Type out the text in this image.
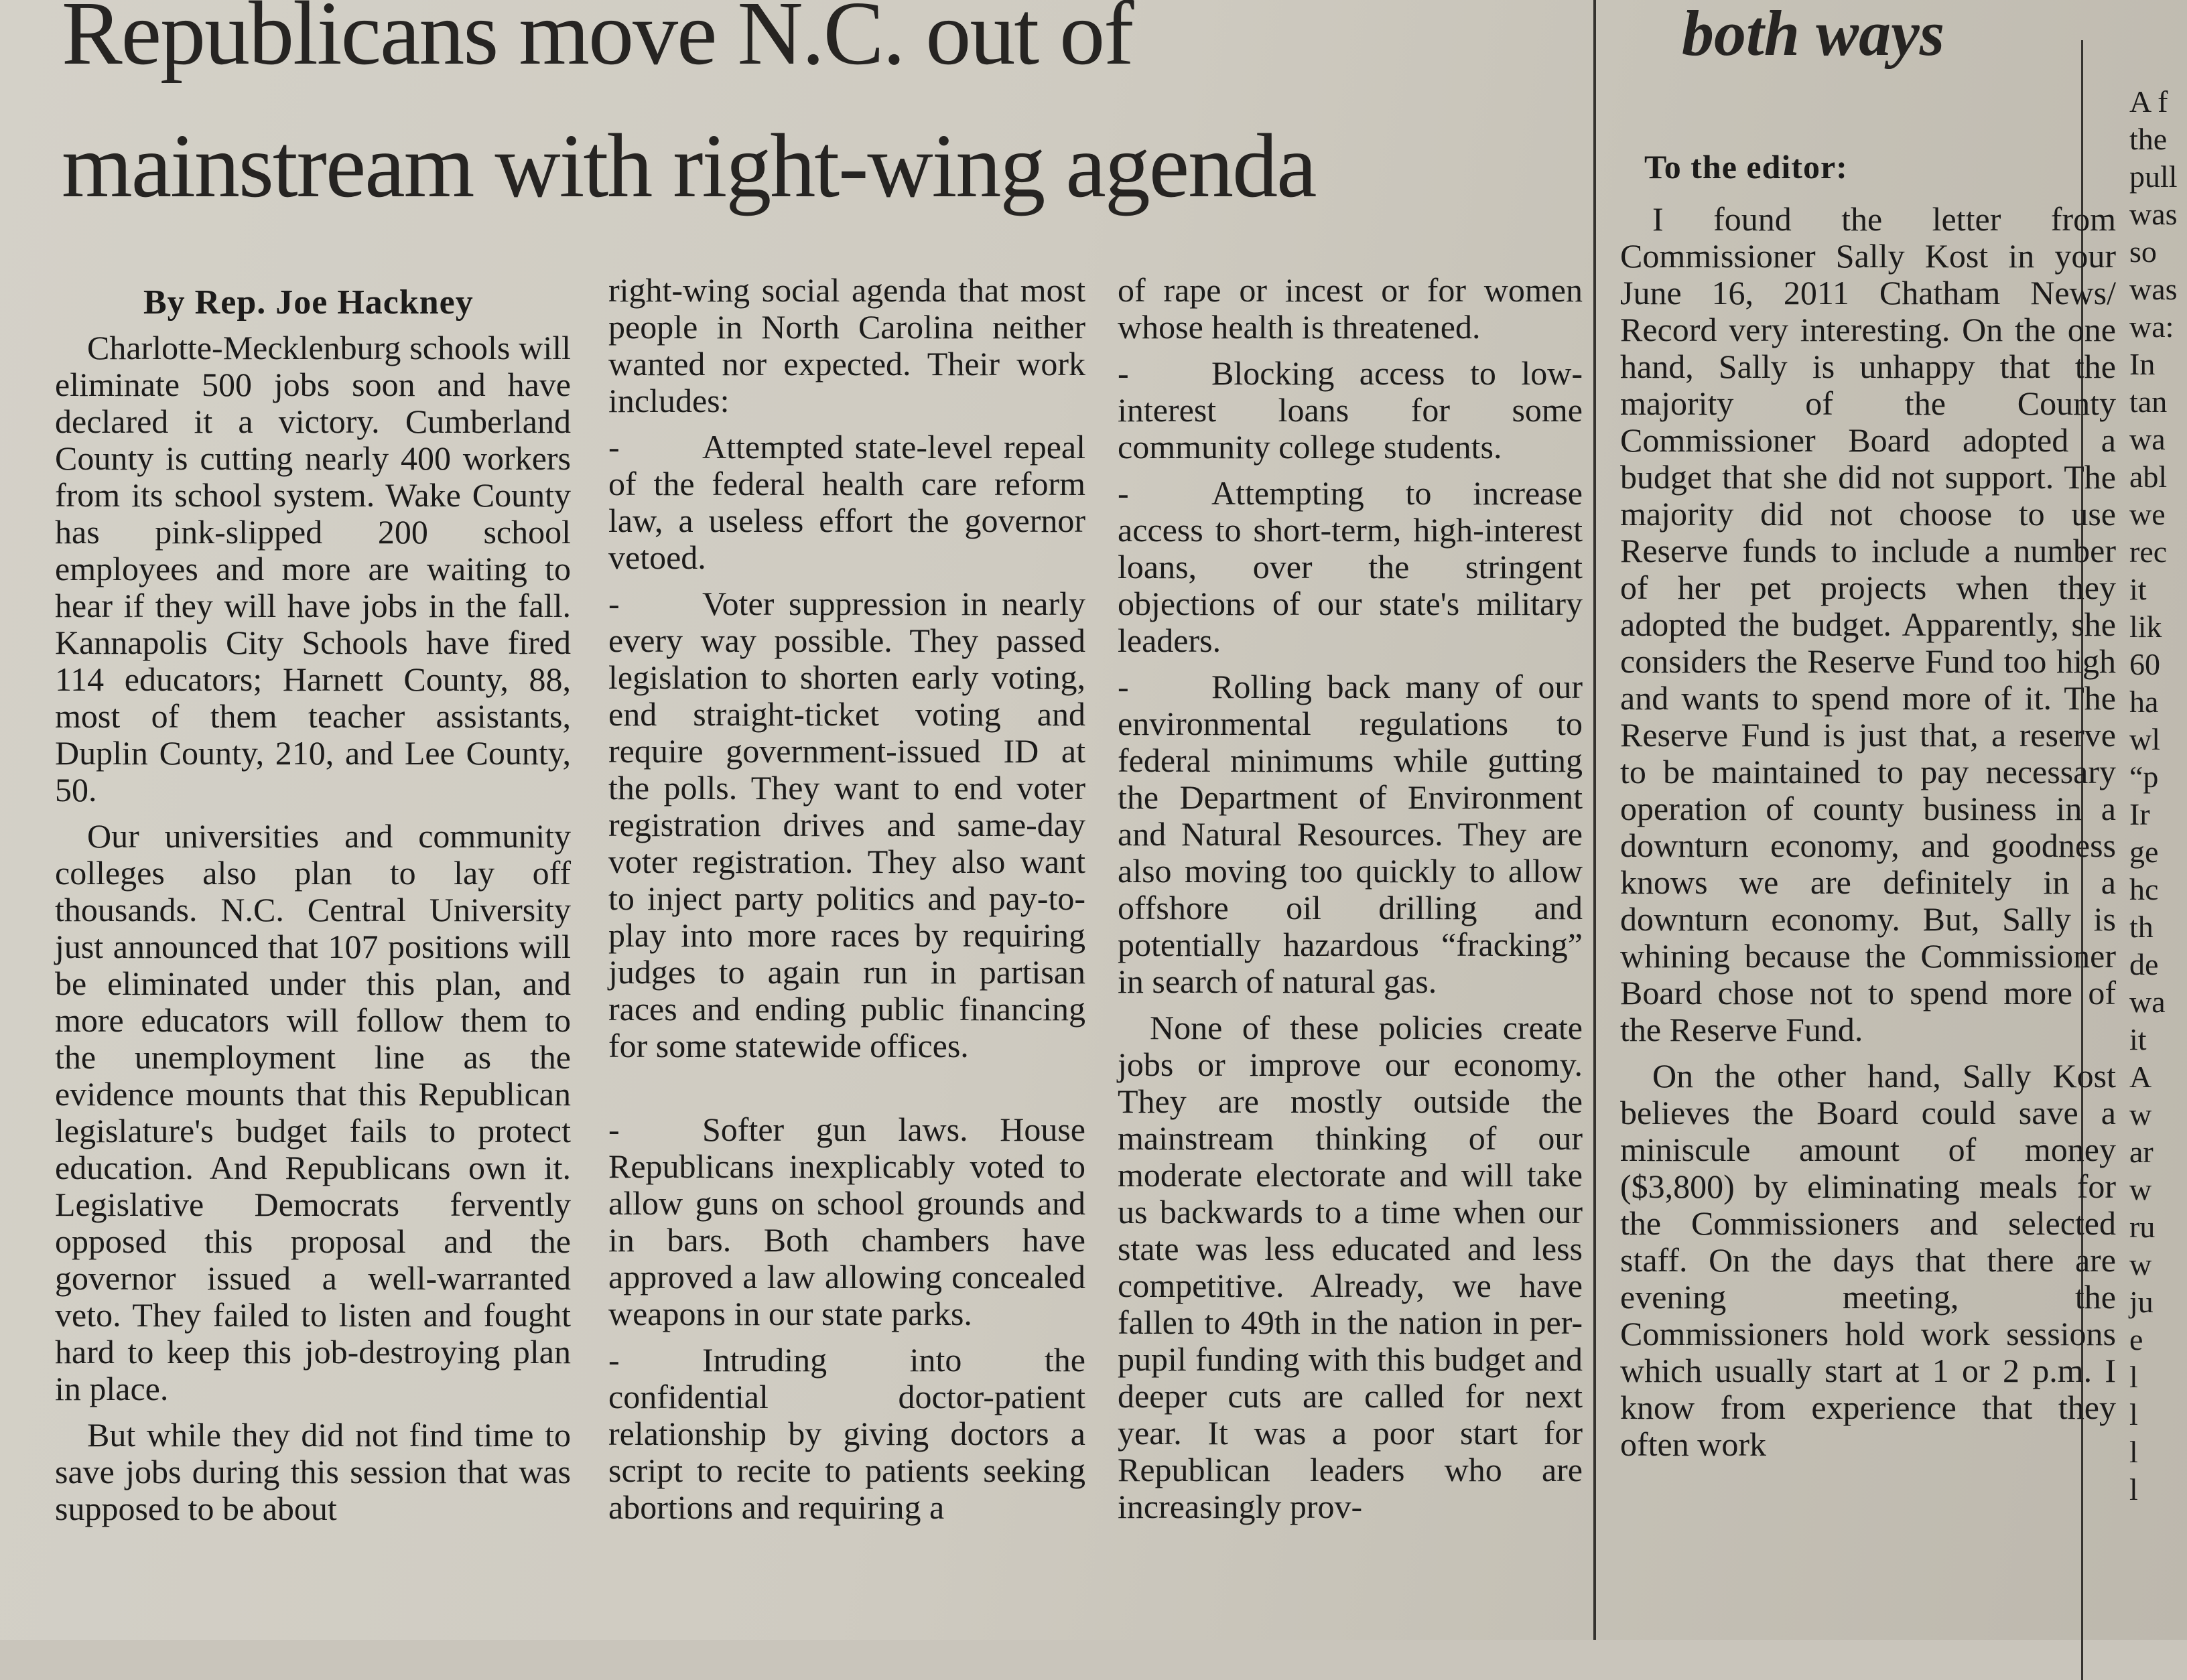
Republicans move N.C. out of
mainstream with right-wing agenda
both ways
To the editor:
By Rep. Joe Hackney

Charlotte-Mecklenburg schools will eliminate 500 jobs soon and have declared it a victory. Cumberland County is cutting nearly 400 workers from its school system. Wake County has pink-slipped 200 school employees and more are waiting to hear if they will have jobs in the fall. Kannapolis City Schools have fired 114 educators; Harnett County, 88, most of them teacher assistants, Duplin County, 210, and Lee County, 50.

Our universities and community colleges also plan to lay off thousands. N.C. Central University just announced that 107 positions will be eliminated under this plan, and more educators will follow them to the unemployment line as the evidence mounts that this Republican legislature's budget fails to protect education. And Republicans own it. Legislative Democrats fervently opposed this proposal and the governor issued a well-warranted veto. They failed to listen and fought hard to keep this job-destroying plan in place.

But while they did not find time to save jobs during this session that was supposed to be about

right-wing social agenda that most people in North Carolina neither wanted nor expected. Their work includes:

- Attempted state-level repeal of the federal health care reform law, a useless effort the governor vetoed.

- Voter suppression in nearly every way possible. They passed legislation to shorten early voting, end straight-ticket voting and require government-issued ID at the polls. They want to end voter registration drives and same-day voter registration. They also want to inject party politics and pay-to-play into more races by requiring judges to again run in partisan races and ending public financing for some statewide offices.

- Softer gun laws. House Republicans inexplicably voted to allow guns on school grounds and in bars. Both chambers have approved a law allowing concealed weapons in our state parks.

- Intruding into the confidential doctor-patient relationship by giving doctors a script to recite to patients seeking abortions and requiring a

of rape or incest or for women whose health is threatened.

- Blocking access to low-interest loans for some community college students.

- Attempting to increase access to short-term, high-interest loans, over the stringent objections of our state's military leaders.

- Rolling back many of our environmental regulations to federal minimums while gutting the Department of Environment and Natural Resources. They are also moving too quickly to allow offshore oil drilling and potentially hazardous “fracking” in search of natural gas.

None of these policies create jobs or improve our economy. They are mostly outside the mainstream thinking of our moderate electorate and will take us backwards to a time when our state was less educated and less competitive. Already, we have fallen to 49th in the nation in per-pupil funding with this budget and deeper cuts are called for next year. It was a poor start for Republican leaders who are increasingly prov-

I found the letter from Commissioner Sally Kost in your June 16, 2011 Chatham News/ Record very interesting. On the one hand, Sally is unhappy that the majority of the County Commissioner Board adopted a budget that she did not support. The majority did not choose to use Reserve funds to include a number of her pet projects when they adopted the budget. Apparently, she considers the Reserve Fund too high and wants to spend more of it. The Reserve Fund is just that, a reserve to be maintained to pay necessary operation of county business in a downturn economy, and goodness knows we are definitely in a downturn economy. But, Sally is whining because the Commissioner Board chose not to spend more of the Reserve Fund.

On the other hand, Sally Kost believes the Board could save a miniscule amount of money ($3,800) by eliminating meals for the Commissioners and selected staff. On the days that there are evening meeting, the Commissioners hold work sessions which usually start at 1 or 2 p.m. I know from experience that they often work

A f
the
pull
was
so
was
wa:
In
tan
wa
abl
we
rec
it
lik
60
ha
wl
“p
Ir
ge
hc
th
de
wa
it
A
w
ar
w
ru
w
ju
e
l
l
l
l
